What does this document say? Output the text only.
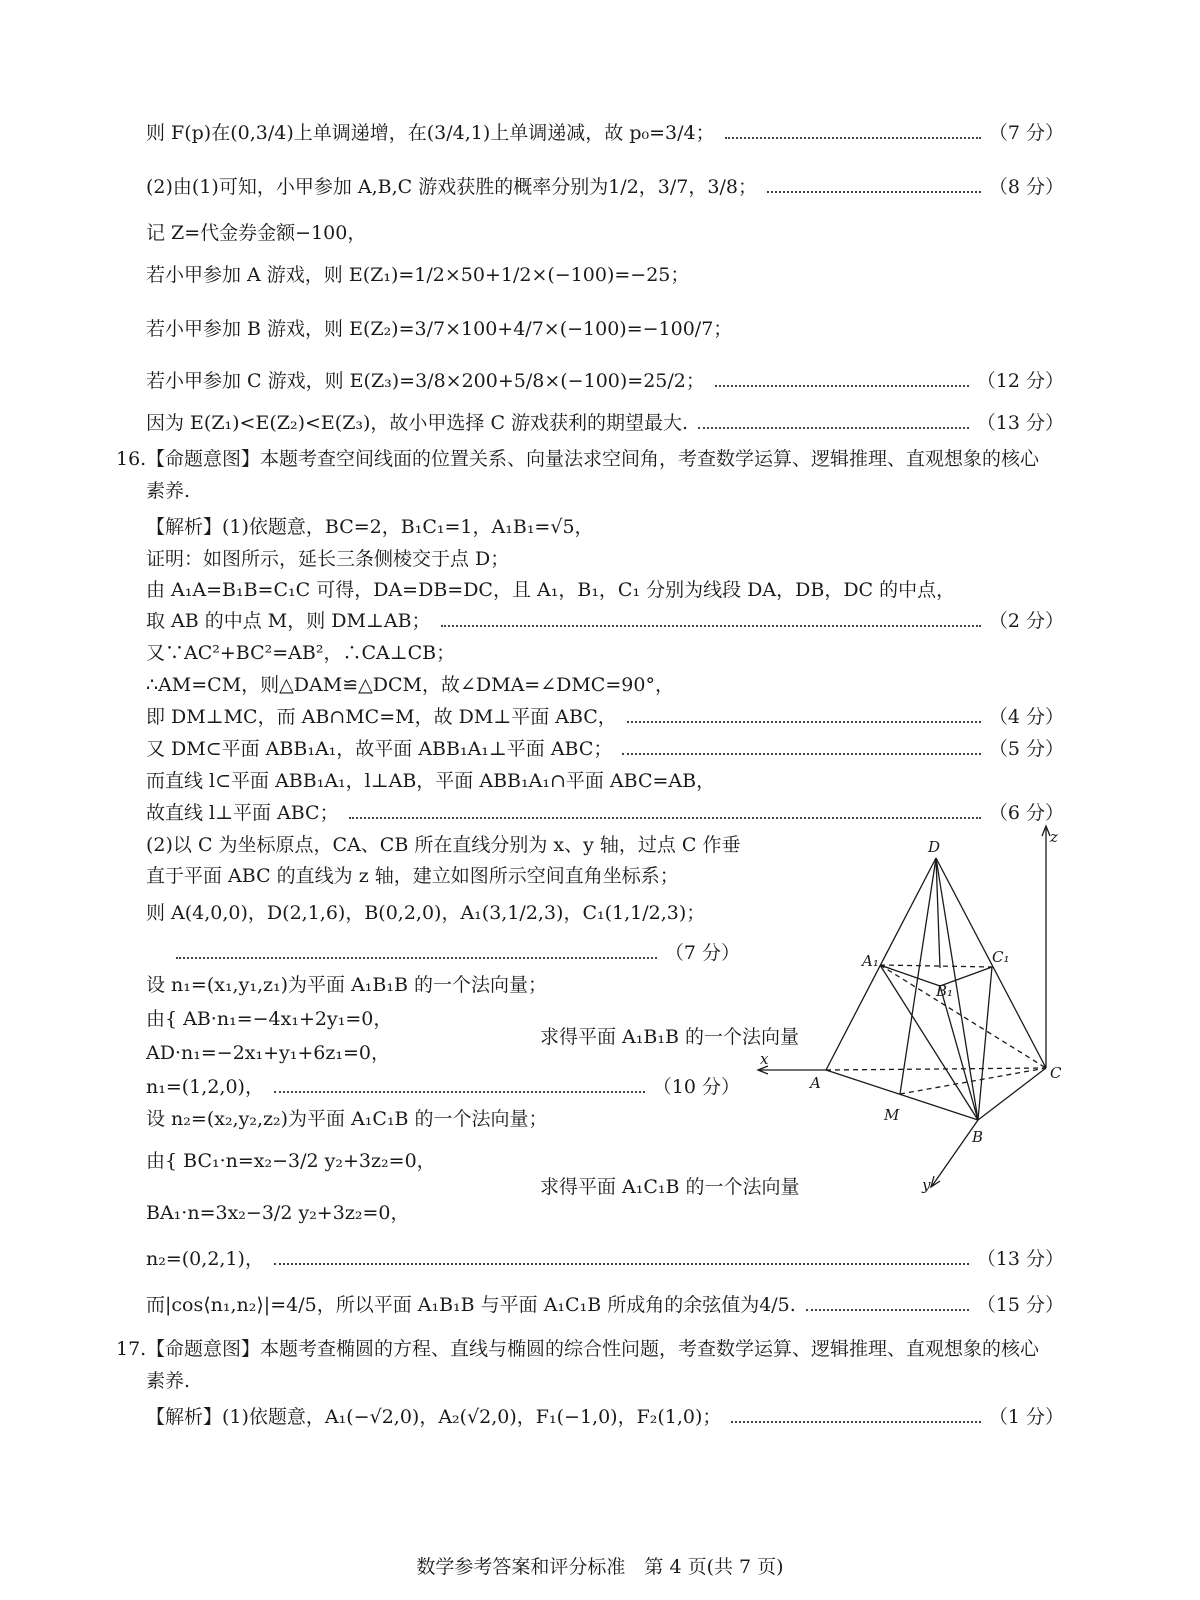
则 F(p)在(0,3/4)上单调递增，在(3/4,1)上单调递减，故 p₀=3/4；	（7 分）
(2)由(1)可知，小甲参加 A,B,C 游戏获胜的概率分别为1/2，3/7，3/8；	（8 分）
记 Z=代金券金额−100，
若小甲参加 A 游戏，则 E(Z₁)=1/2×50+1/2×(−100)=−25；
若小甲参加 B 游戏，则 E(Z₂)=3/7×100+4/7×(−100)=−100/7；
若小甲参加 C 游戏，则 E(Z₃)=3/8×200+5/8×(−100)=25/2；	（12 分）
因为 E(Z₁)<E(Z₂)<E(Z₃)，故小甲选择 C 游戏获利的期望最大.	（13 分）
16. 【命题意图】本题考查空间线面的位置关系、向量法求空间角，考查数学运算、逻辑推理、直观想象的核心
素养.
【解析】(1)依题意，BC=2，B₁C₁=1，A₁B₁=√5，
证明：如图所示，延长三条侧棱交于点 D；
由 A₁A=B₁B=C₁C 可得，DA=DB=DC，且 A₁，B₁，C₁ 分别为线段 DA，DB，DC 的中点，
取 AB 的中点 M，则 DM⊥AB；	（2 分）
又∵AC²+BC²=AB²，∴CA⊥CB；
∴AM=CM，则△DAM≌△DCM，故∠DMA=∠DMC=90°，
即 DM⊥MC，而 AB∩MC=M，故 DM⊥平面 ABC，	（4 分）
又 DM⊂平面 ABB₁A₁，故平面 ABB₁A₁⊥平面 ABC；	（5 分）
而直线 l⊂平面 ABB₁A₁，l⊥AB，平面 ABB₁A₁∩平面 ABC=AB，
故直线 l⊥平面 ABC；	（6 分）
(2)以 C 为坐标原点，CA、CB 所在直线分别为 x、y 轴，过点 C 作垂
直于平面 ABC 的直线为 z 轴，建立如图所示空间直角坐标系；
则 A(4,0,0)，D(2,1,6)，B(0,2,0)，A₁(3,1/2,3)，C₁(1,1/2,3)；
（7 分）
设 n₁=(x₁,y₁,z₁)为平面 A₁B₁B 的一个法向量；
由{ AB·n₁=−4x₁+2y₁=0，
AD·n₁=−2x₁+y₁+6z₁=0，
求得平面 A₁B₁B 的一个法向量
n₁=(1,2,0)，	（10 分）
设 n₂=(x₂,y₂,z₂)为平面 A₁C₁B 的一个法向量；
由{ BC₁·n=x₂−3/2 y₂+3z₂=0，
BA₁·n=3x₂−3/2 y₂+3z₂=0，
求得平面 A₁C₁B 的一个法向量
n₂=(0,2,1)，	（13 分）
而|cos⟨n₁,n₂⟩|=4/5，所以平面 A₁B₁B 与平面 A₁C₁B 所成角的余弦值为4/5.	（15 分）
17. 【命题意图】本题考查椭圆的方程、直线与椭圆的综合性问题，考查数学运算、逻辑推理、直观想象的核心
素养.
【解析】(1)依题意，A₁(−√2,0)，A₂(√2,0)，F₁(−1,0)，F₂(1,0)；	（1 分）
z
D
A₁	C₁
B₁
x
A
C
M
B
y
数学参考答案和评分标准　第 4 页(共 7 页)
